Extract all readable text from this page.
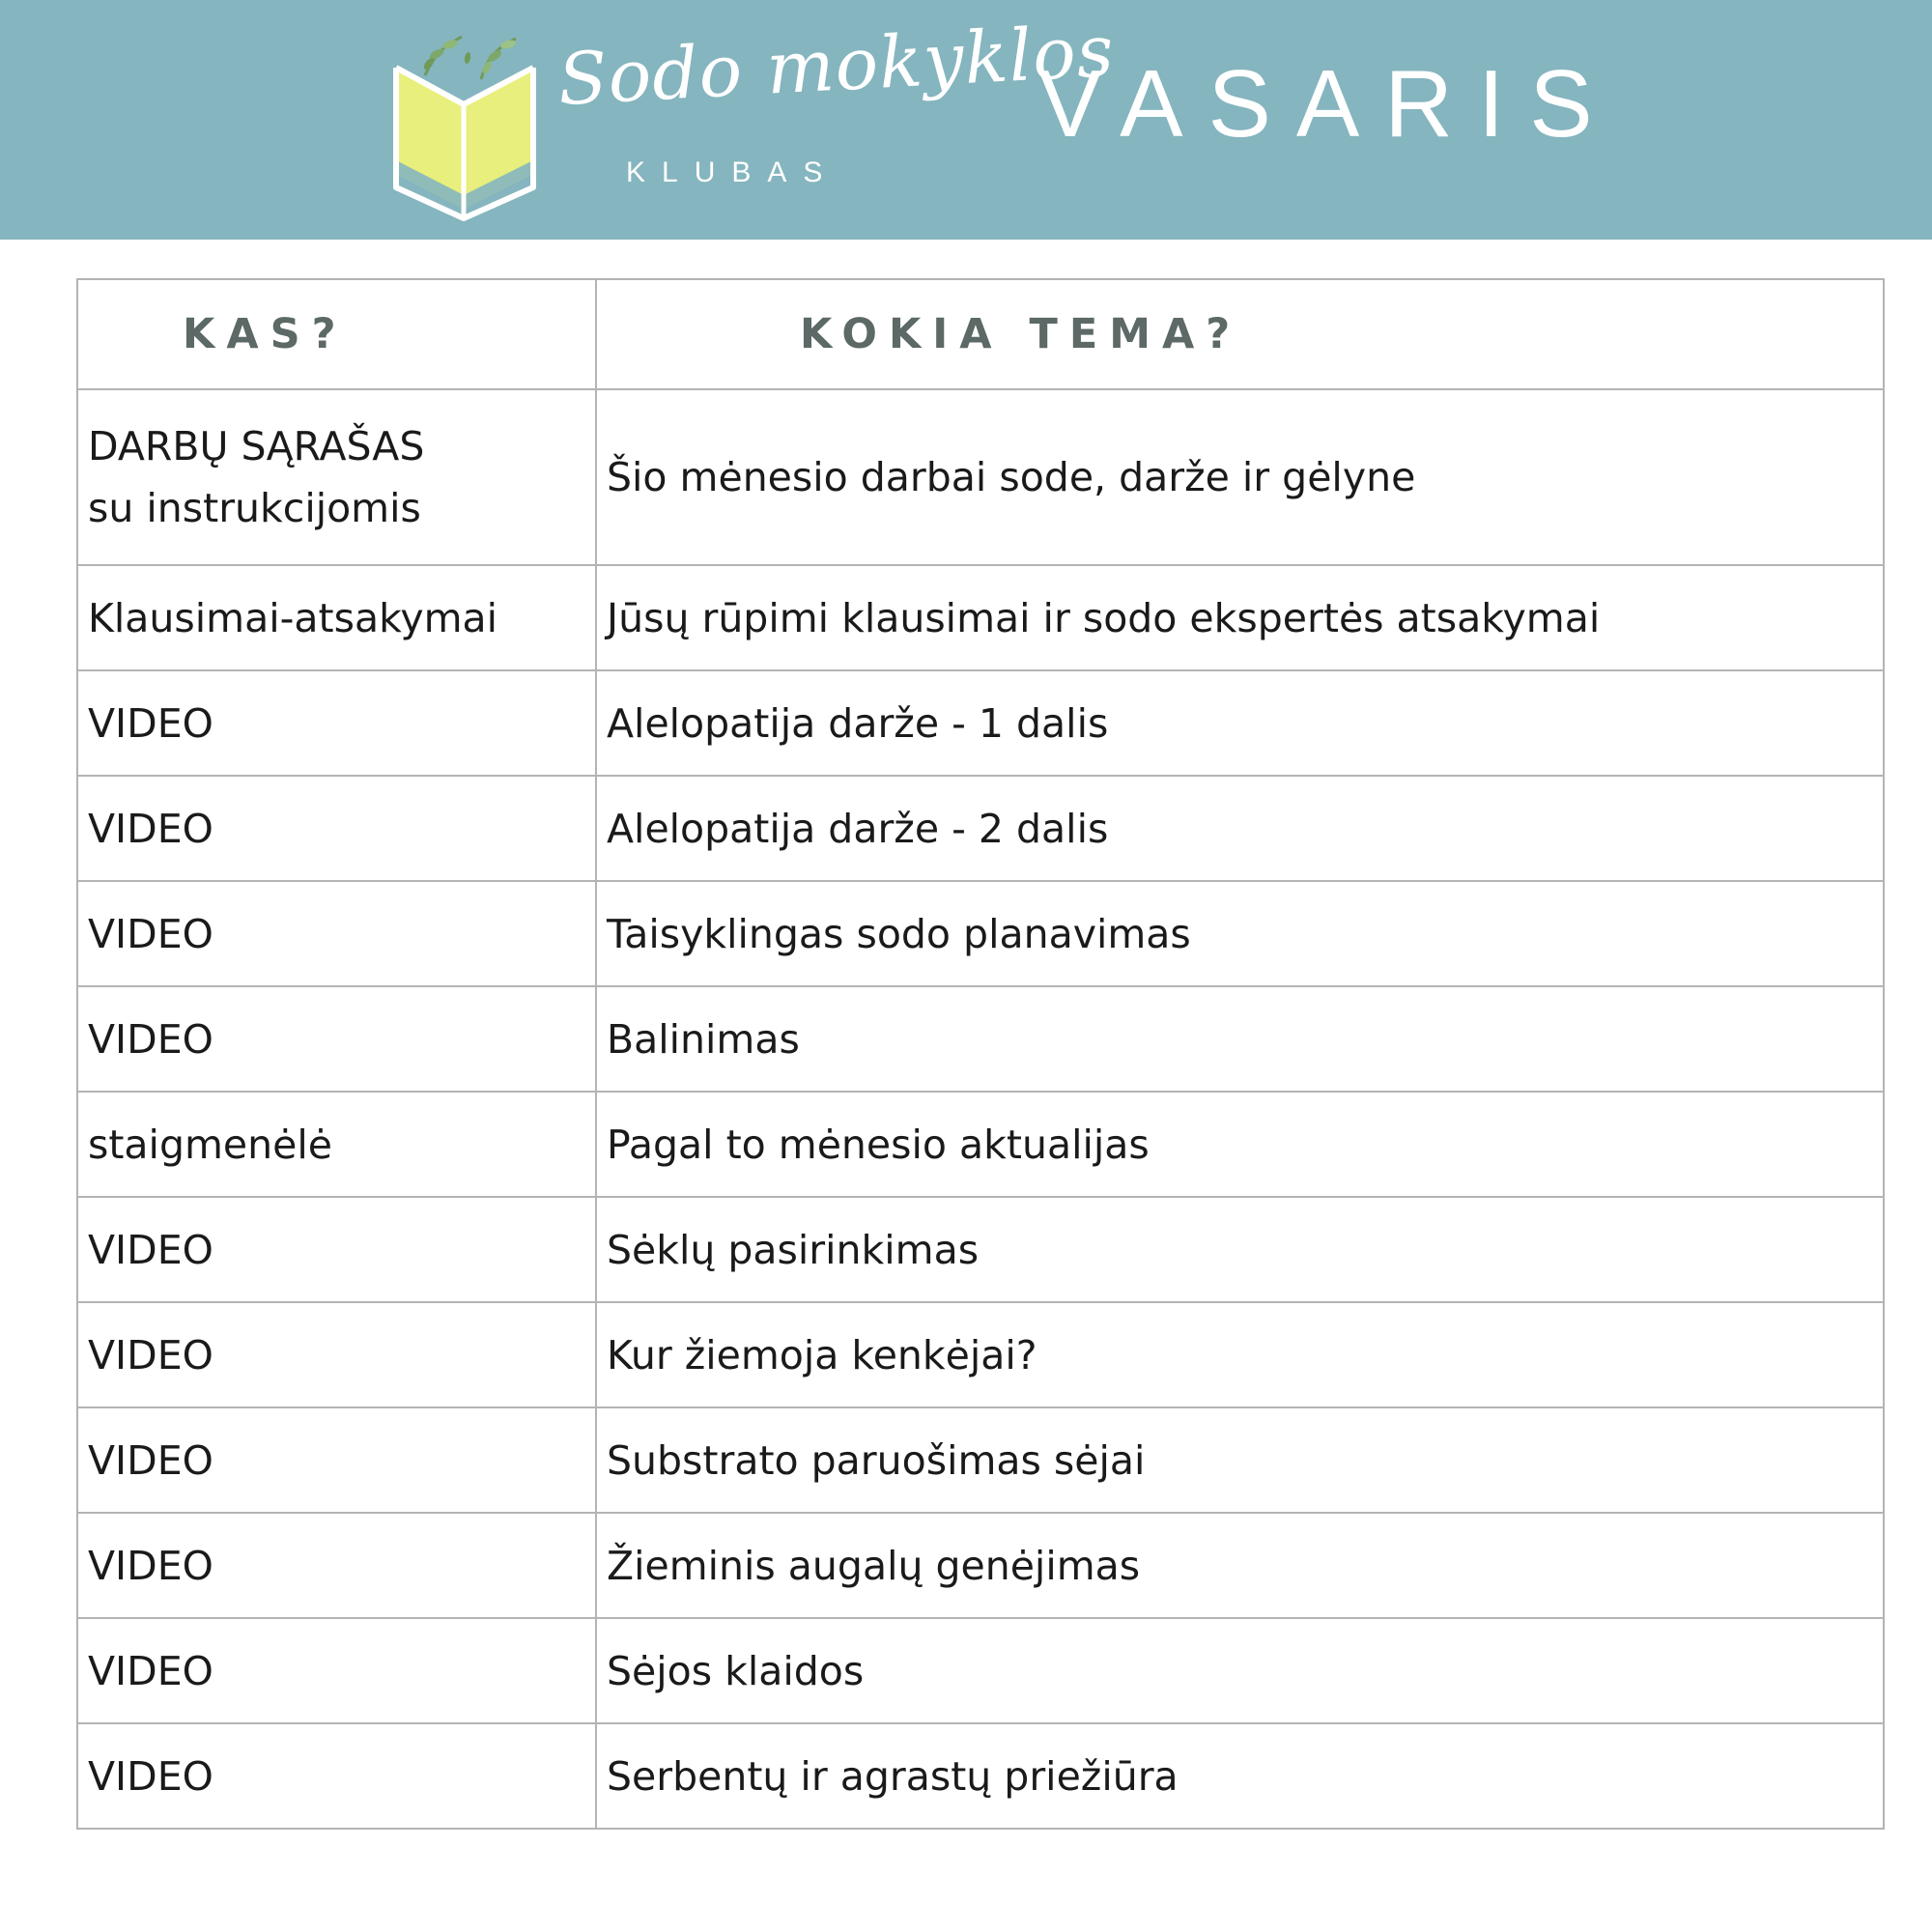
Sodo mokyklos
KLUBAS
VASARIS
KAS?	KOKIA TEMA?
DARBŲ SĄRAŠAS
su instrukcijomis	Šio mėnesio darbai sode, darže ir gėlyne
Klausimai-atsakymai	Jūsų rūpimi klausimai ir sodo ekspertės atsakymai
VIDEO	Alelopatija darže - 1 dalis
VIDEO	Alelopatija darže - 2 dalis
VIDEO	Taisyklingas sodo planavimas
VIDEO	Balinimas
staigmenėlė	Pagal to mėnesio aktualijas
VIDEO	Sėklų pasirinkimas
VIDEO	Kur žiemoja kenkėjai?
VIDEO	Substrato paruošimas sėjai
VIDEO	Žieminis augalų genėjimas
VIDEO	Sėjos klaidos
VIDEO	Serbentų ir agrastų priežiūra
